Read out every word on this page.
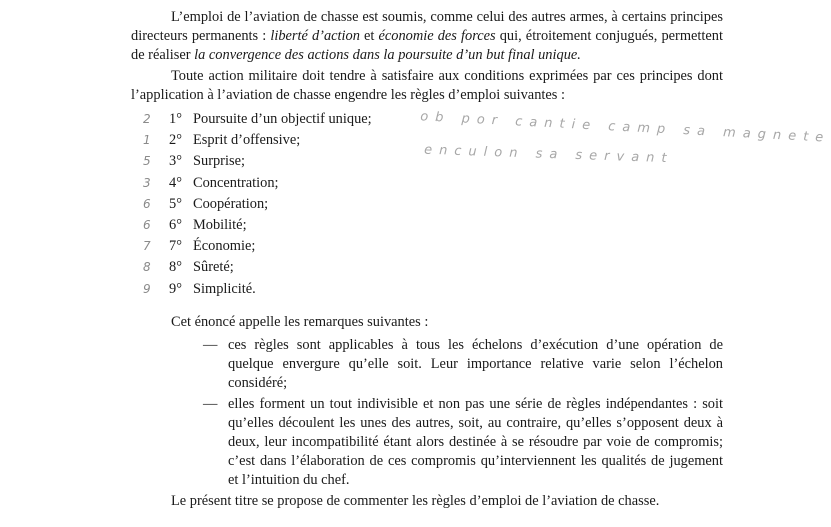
L’emploi de l’aviation de chasse est soumis, comme celui des autres armes, à certains principes directeurs permanents : liberté d’action et économie des forces qui, étroitement conjugués, permettent de réaliser la convergence des actions dans la poursuite d’un but final unique.

Toute action militaire doit tendre à satisfaire aux conditions exprimées par ces principes dont l’application à l’aviation de chasse engendre les règles d’emploi suivantes :

2	1° Poursuite d’un objectif unique;
1	2° Esprit d’offensive;
5	3° Surprise;
3	4° Concentration;
6	5° Coopération;
6	6° Mobilité;
7	7° Économie;
8	8° Sûreté;
9	9° Simplicité.
ob por cantie camp sa magnete
enculon sa servant

Cet énoncé appelle les remarques suivantes :

— ces règles sont applicables à tous les échelons d’exécution d’une opération de quelque envergure qu’elle soit. Leur importance relative varie selon l’échelon considéré;

— elles forment un tout indivisible et non pas une série de règles indépendantes : soit qu’elles découlent les unes des autres, soit, au contraire, qu’elles s’opposent deux à deux, leur incompatibilité étant alors destinée à se résoudre par voie de compromis; c’est dans l’élaboration de ces compromis qu’interviennent les qualités de jugement et l’intuition du chef.

Le présent titre se propose de commenter les règles d’emploi de l’aviation de chasse.
